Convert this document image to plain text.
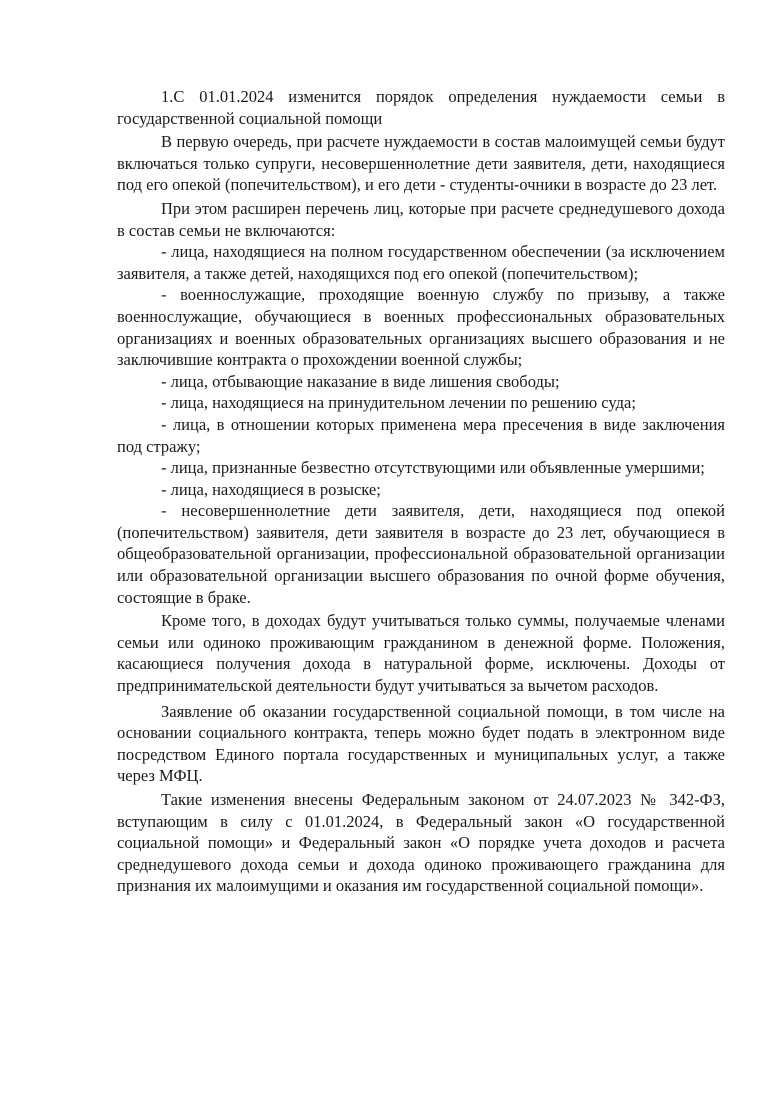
1.С 01.01.2024 изменится порядок определения нуждаемости семьи в государственной социальной помощи

В первую очередь, при расчете нуждаемости в состав малоимущей семьи будут включаться только супруги, несовершеннолетние дети заявителя, дети, находящиеся под его опекой (попечительством), и его дети - студенты-очники в возрасте до 23 лет.

При этом расширен перечень лиц, которые при расчете среднедушевого дохода в состав семьи не включаются:

- лица, находящиеся на полном государственном обеспечении (за исключением заявителя, а также детей, находящихся под его опекой (попечительством);

- военнослужащие, проходящие военную службу по призыву, а также военнослужащие, обучающиеся в военных профессиональных образовательных организациях и военных образовательных организациях высшего образования и не заключившие контракта о прохождении военной службы;

- лица, отбывающие наказание в виде лишения свободы;

- лица, находящиеся на принудительном лечении по решению суда;

- лица, в отношении которых применена мера пресечения в виде заключения под стражу;

- лица, признанные безвестно отсутствующими или объявленные умершими;

- лица, находящиеся в розыске;

- несовершеннолетние дети заявителя, дети, находящиеся под опекой (попечительством) заявителя, дети заявителя в возрасте до 23 лет, обучающиеся в общеобразовательной организации, профессиональной образовательной организации или образовательной организации высшего образования по очной форме обучения, состоящие в браке.

Кроме того, в доходах будут учитываться только суммы, получаемые членами семьи или одиноко проживающим гражданином в денежной форме. Положения, касающиеся получения дохода в натуральной форме, исключены. Доходы от предпринимательской деятельности будут учитываться за вычетом расходов.

Заявление об оказании государственной социальной помощи, в том числе на основании социального контракта, теперь можно будет подать в электронном виде посредством Единого портала государственных и муниципальных услуг, а также через МФЦ.

Такие изменения внесены Федеральным законом от 24.07.2023 № 342-ФЗ, вступающим в силу с 01.01.2024, в Федеральный закон «О государственной социальной помощи» и Федеральный закон «О порядке учета доходов и расчета среднедушевого дохода семьи и дохода одиноко проживающего гражданина для признания их малоимущими и оказания им государственной социальной помощи».
